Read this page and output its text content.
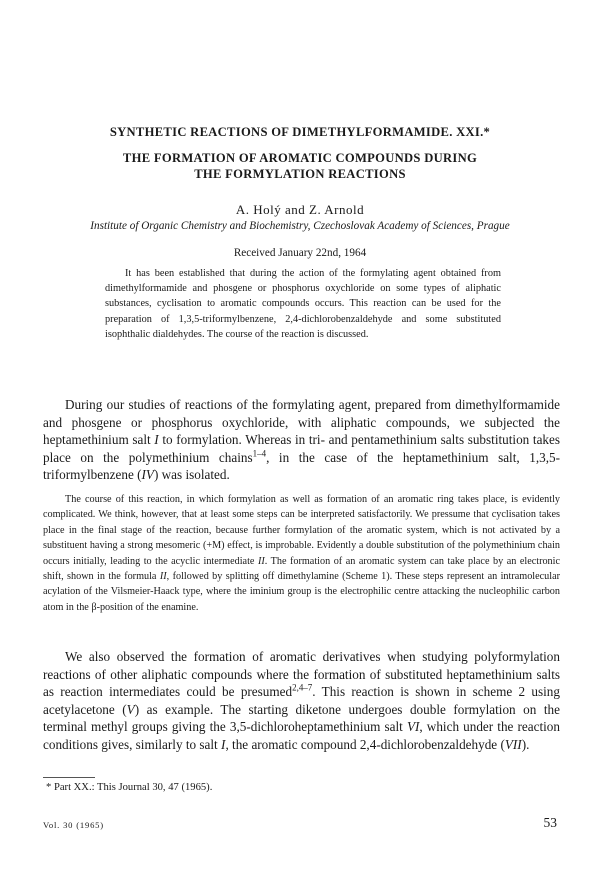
SYNTHETIC REACTIONS OF DIMETHYLFORMAMIDE. XXI.*
THE FORMATION OF AROMATIC COMPOUNDS DURING
THE FORMYLATION REACTIONS
A. Holý and Z. Arnold
Institute of Organic Chemistry and Biochemistry, Czechoslovak Academy of Sciences, Prague
Received January 22nd, 1964

It has been established that during the action of the formylating agent obtained from dimethylformamide and phosgene or phosphorus oxychloride on some types of aliphatic substances, cyclisation to aromatic compounds occurs. This reaction can be used for the preparation of 1,3,5-triformylbenzene, 2,4-dichlorobenzaldehyde and some substituted isophthalic dialdehydes. The course of the reaction is discussed.

During our studies of reactions of the formylating agent, prepared from dimethylformamide and phosgene or phosphorus oxychloride, with aliphatic compounds, we subjected the heptamethinium salt I to formylation. Whereas in tri- and pentamethinium salts substitution takes place on the polymethinium chains$^{1-4}$, in the case of the heptamethinium salt, 1,3,5-triformylbenzene (IV) was isolated.

The course of this reaction, in which formylation as well as formation of an aromatic ring takes place, is evidently complicated. We think, however, that at least some steps can be interpreted satisfactorily. We pressume that cyclisation takes place in the final stage of the reaction, because further formylation of the aromatic system, which is not activated by a substituent having a strong mesomeric (+M) effect, is improbable. Evidently a double substitution of the polymethinium chain occurs initially, leading to the acyclic intermediate II. The formation of an aromatic system can take place by an electronic shift, shown in the formula II, followed by splitting off dimethylamine (Scheme 1). These steps represent an intramolecular acylation of the Vilsmeier-Haack type, where the iminium group is the electrophilic centre attacking the nucleophilic carbon atom in the β-position of the enamine.

We also observed the formation of aromatic derivatives when studying polyformylation reactions of other aliphatic compounds where the formation of substituted heptamethinium salts as reaction intermediates could be presumed$^{2,4-7}$. This reaction is shown in scheme 2 using acetylacetone (V) as example. The starting diketone undergoes double formylation on the terminal methyl groups giving the 3,5-dichloroheptamethinium salt VI, which under the reaction conditions gives, similarly to salt I, the aromatic compound 2,4-dichlorobenzaldehyde (VII).

* Part XX.: This Journal 30, 47 (1965).
Vol. 30 (1965)	53
